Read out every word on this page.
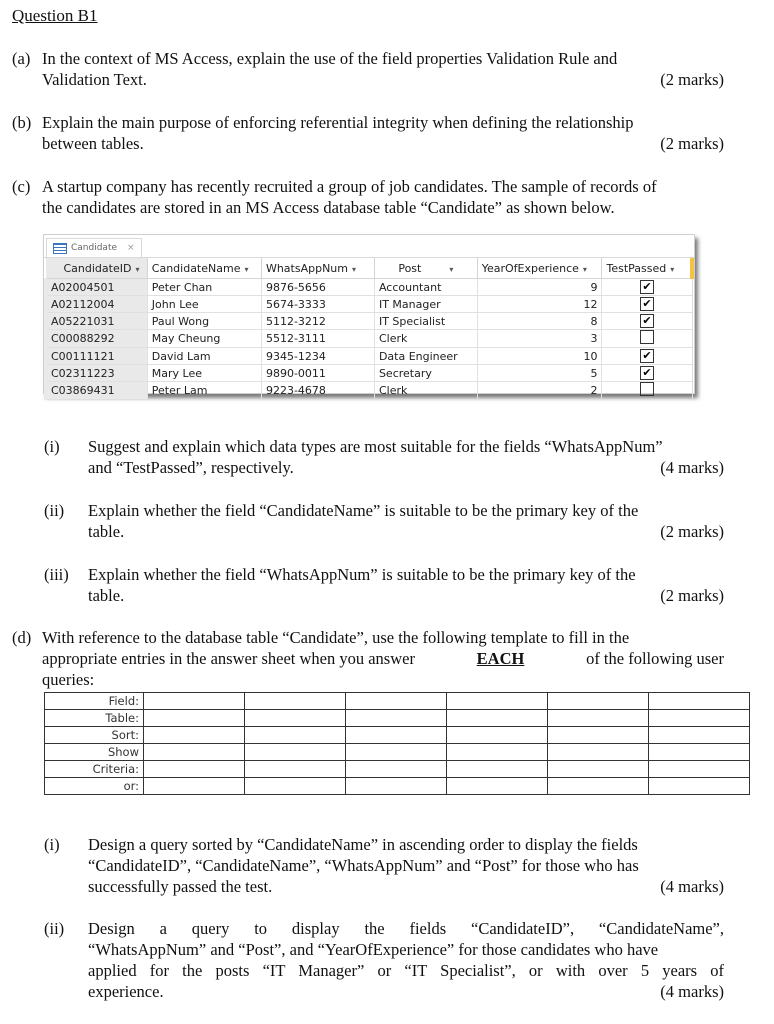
Question B1
(a) In the context of MS Access, explain the use of the field properties Validation Rule and
Validation Text.	(2 marks)
(b) Explain the main purpose of enforcing referential integrity when defining the relationship
between tables.	(2 marks)
(c) A startup company has recently recruited a group of job candidates. The sample of records of
the candidates are stored in an MS Access database table “Candidate” as shown below.
Candidate ×
CandidateID ▾	CandidateName ▾	WhatsAppNum ▾	Post ▾	YearOfExperience ▾	TestPassed ▾
A02004501	Peter Chan	9876-5656	Accountant	9	✔
A02112004	John Lee	5674-3333	IT Manager	12	✔
A05221031	Paul Wong	5112-3212	IT Specialist	8	✔
C00088292	May Cheung	5512-3111	Clerk	3	
C00111121	David Lam	9345-1234	Data Engineer	10	✔
C02311223	Mary Lee	9890-0011	Secretary	5	✔
C03869431	Peter Lam	9223-4678	Clerk	2	
(i) Suggest and explain which data types are most suitable for the fields “WhatsAppNum”
and “TestPassed”, respectively.	(4 marks)
(ii) Explain whether the field “CandidateName” is suitable to be the primary key of the
table.	(2 marks)
(iii) Explain whether the field “WhatsAppNum” is suitable to be the primary key of the
table.	(2 marks)
(d) With reference to the database table “Candidate”, use the following template to fill in the
appropriate entries in the answer sheet when you answer	EACH	of the following user
queries:
Field:						
Table:						
Sort:						
Show						
Criteria:						
or:						
(i) Design a query sorted by “CandidateName” in ascending order to display the fields
“CandidateID”, “CandidateName”, “WhatsAppNum” and “Post” for those who has
successfully passed the test.	(4 marks)
(ii) Design a query to display the fields “CandidateID”, “CandidateName”,
“WhatsAppNum” and “Post”, and “YearOfExperience” for those candidates who have
applied for the posts “IT Manager” or “IT Specialist”, or with over 5 years of
experience.	(4 marks)
